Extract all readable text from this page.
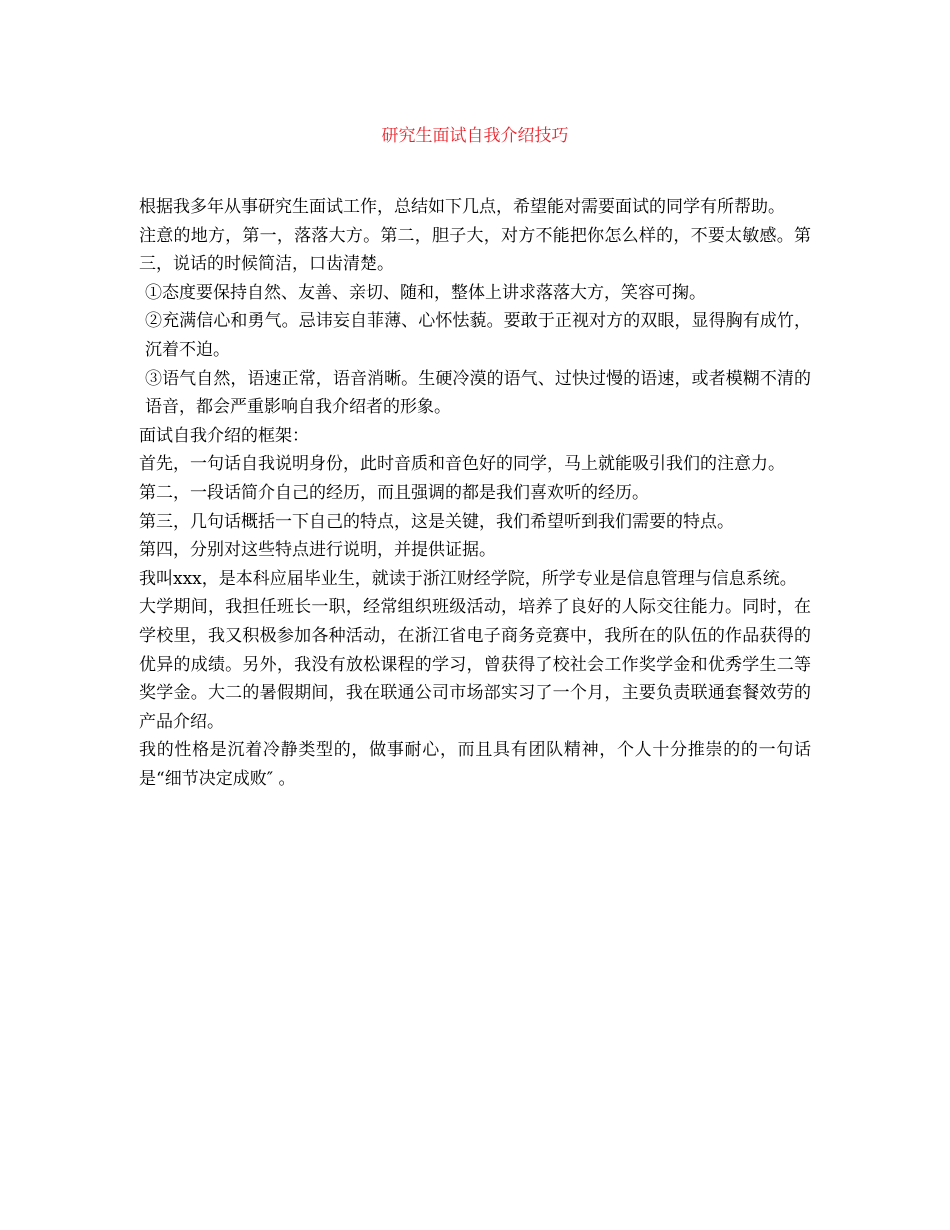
研究生面试自我介绍技巧

根据我多年从事研究生面试工作，总结如下几点，希望能对需要面试的同学有所帮助。

注意的地方，第一，落落大方。第二，胆子大，对方不能把你怎么样的，不要太敏感。第三，说话的时候简洁，口齿清楚。

①态度要保持自然、友善、亲切、随和，整体上讲求落落大方，笑容可掬。

②充满信心和勇气。忌讳妄自菲薄、心怀怯藐。要敢于正视对方的双眼，显得胸有成竹，沉着不迫。

③语气自然，语速正常，语音消晰。生硬冷漠的语气、过快过慢的语速，或者模糊不清的语音，都会严重影响自我介绍者的形象。

面试自我介绍的框架：

首先，一句话自我说明身份，此时音质和音色好的同学，马上就能吸引我们的注意力。

第二，一段话简介自己的经历，而且强调的都是我们喜欢听的经历。

第三，几句话概括一下自己的特点，这是关键，我们希望听到我们需要的特点。

第四，分别对这些特点进行说明，并提供证据。

我叫xxx，是本科应届毕业生，就读于浙江财经学院，所学专业是信息管理与信息系统。

大学期间，我担任班长一职，经常组织班级活动，培养了良好的人际交往能力。同时，在学校里，我又积极参加各种活动，在浙江省电子商务竞赛中，我所在的队伍的作品获得的优异的成绩。另外，我没有放松课程的学习，曾获得了校社会工作奖学金和优秀学生二等奖学金。大二的暑假期间，我在联通公司市场部实习了一个月，主要负责联通套餐效劳的产品介绍。

我的性格是沉着冷静类型的，做事耐心，而且具有团队精神，个人十分推崇的的一句话是“细节决定成败″ 。
